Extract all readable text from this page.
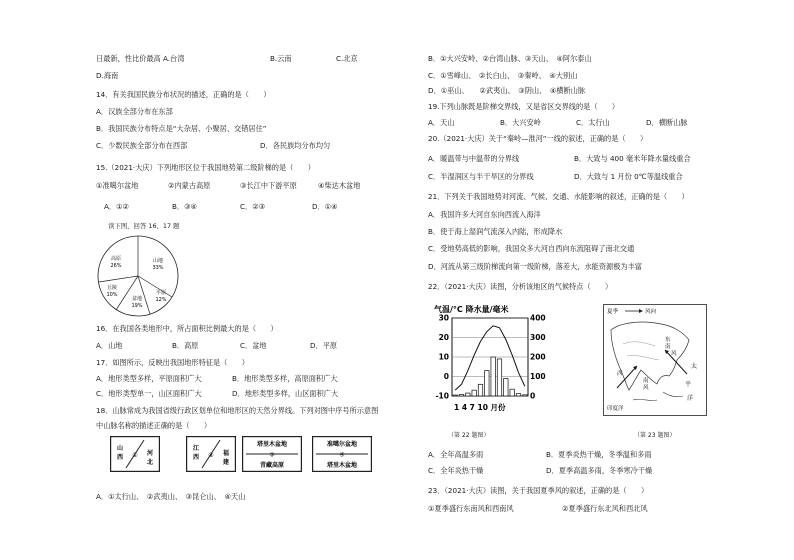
日最新，性比价最高 A.台湾	B.云南	C.北京
D.海南
14．有关我国民族分布状况的描述，正确的是（　　）
A．汉族全部分布在东部
B．我国民族分布特点是“大杂居、小聚居、交错居住”
C．少数民族全部分布在西部	D．各民族均分布均匀
15.（2021·大庆）下列地形区位于我国地势第二级阶梯的是（　　）
①准噶尔盆地	②内蒙古高原	③长江中下游平原	④柴达木盆地
A．①②	B．③④	C．②③	D．①④
读下图，回答 16、17 题
高原
26%
山地
33%
丘陵
10%	平原
12%
盆地
19%
16．在我国各类地形中，所占面积比例最大的是（　　）
A．山地	B．高原	C．盆地	D．平原
17．如图所示，反映出我国地形特征是（　　）
A．地形类型多样，平原面积广大	B．地形类型多样，高原面积广大
C．地形类型单一，山区面积广大	D．地形类型多样，山区面积广大
18．山脉常成为我国省级行政区划单位和地形区的天然分界线。下列对图中序号所示意图
中山脉名称的描述正确的是（　　）
山
西 ① 河
北
江
西 ② 福
建
塔里木盆地
③
青藏高原
准噶尔盆地
④
塔里木盆地
A．①太行山、　②武夷山、　③昆仑山、　④天山
B．①大兴安岭、②台湾山脉、③天山、　④阿尔泰山
C．①雪峰山、　②长白山、　③秦岭、　④大别山
D．①巫山、　　②武夷山、　③阴山、　④横断山脉
19.下列山脉既是阶梯交界线，又是省区交界线的是（　　）
A．天山	B．大兴安岭	C．太行山	D．横断山脉
20.（2021·大庆）关于“秦岭—淮河”一线的叙述，正确的是（　　）
A．暖温带与中温带的分界线	B．大致与 400 毫米年降水量线重合
C．半湿润区与半干旱区的分界线	D．大致与 1 月份 0℃等温线重合
21．下列关于我国地势对河流、气候、交通、水能影响的叙述，正确的是（　　）
A．我国许多大河自东向西流入海洋
B．使于海上湿润气流深入内陆，形成降水
C．受地势高低的影响，我国众多大河自西向东流阻碍了南北交通
D．河流从第三级阶梯流向第一级阶梯，落差大，水能资源极为丰富
22．（2021·大庆）读图，分析该地区的气候特点（　　）
气温/°C 降水量/毫米
-10
0
10
20
30
0
100
200
300
400
1 4 7 10 月份
夏季	风向
东
南
风
西
南
风
太
平
洋
印度洋
（第 22 题图）	（第 23 题图）
A．全年高温多雨	B．夏季炎热干燥，冬季温和多雨
C．全年炎热干燥	D．夏季高温多雨，冬季寒冷干燥
23．（2021·大庆）读图，关于我国夏季风的叙述，正确的是（　　）
①夏季盛行东南风和西南风	②夏季盛行东北风和西北风
